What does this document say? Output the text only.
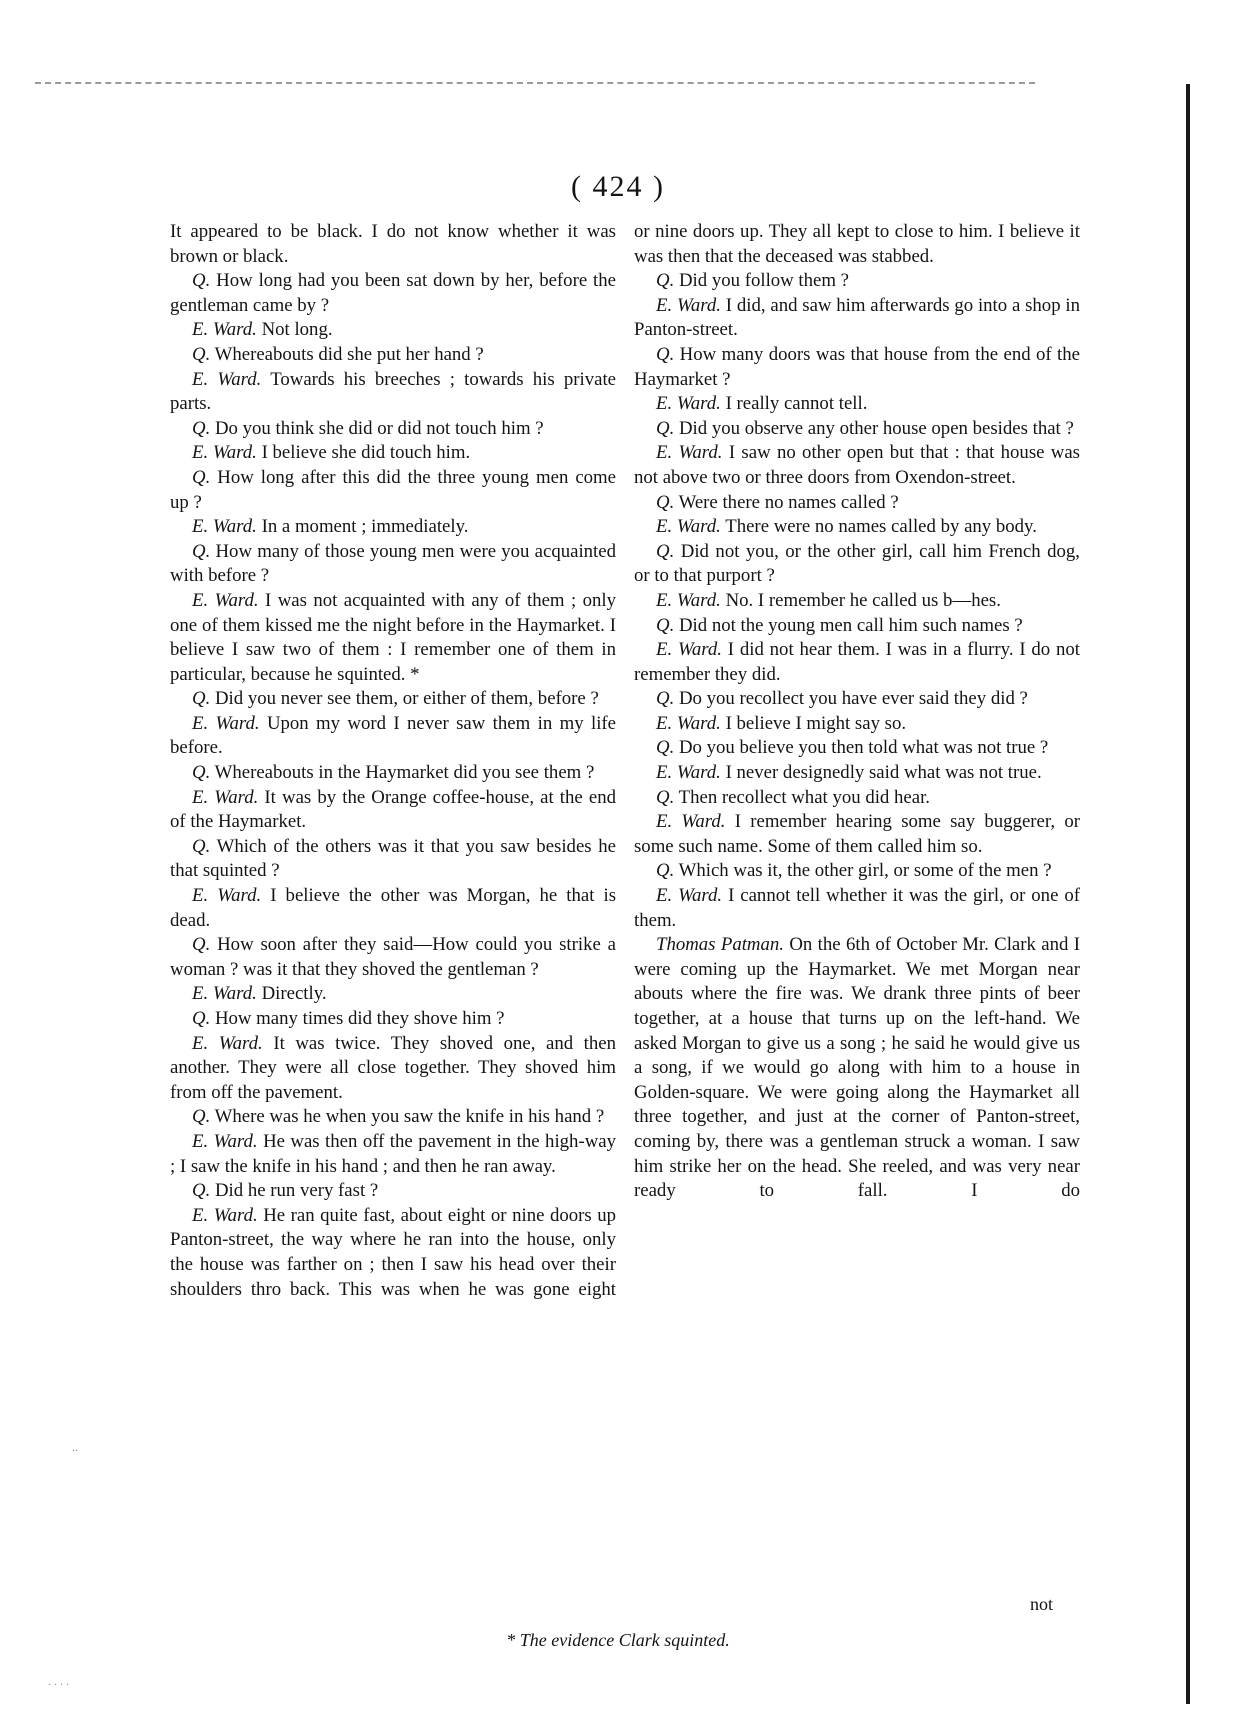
( 424 )

It appeared to be black. I do not know whether it was brown or black.

Q. How long had you been sat down by her, before the gentleman came by ?

E. Ward. Not long.

Q. Whereabouts did she put her hand ?

E. Ward. Towards his breeches ; towards his private parts.

Q. Do you think she did or did not touch him ?

E. Ward. I believe she did touch him.

Q. How long after this did the three young men come up ?

E. Ward. In a moment ; immediately.

Q. How many of those young men were you acquainted with before ?

E. Ward. I was not acquainted with any of them ; only one of them kissed me the night before in the Haymarket. I believe I saw two of them : I remember one of them in particular, because he squinted. *

Q. Did you never see them, or either of them, before ?

E. Ward. Upon my word I never saw them in my life before.

Q. Whereabouts in the Haymarket did you see them ?

E. Ward. It was by the Orange coffee-house, at the end of the Haymarket.

Q. Which of the others was it that you saw besides he that squinted ?

E. Ward. I believe the other was Morgan, he that is dead.

Q. How soon after they said—How could you strike a woman ? was it that they shoved the gentleman ?

E. Ward. Directly.

Q. How many times did they shove him ?

E. Ward. It was twice. They shoved one, and then another. They were all close together. They shoved him from off the pavement.

Q. Where was he when you saw the knife in his hand ?

E. Ward. He was then off the pavement in the high-way ; I saw the knife in his hand ; and then he ran away.

Q. Did he run very fast ?

E. Ward. He ran quite fast, about eight or nine doors up Panton-street, the way where he ran into the house, only the house was farther on ; then I saw his head over their shoulders thro back. This was when he was gone eight

or nine doors up. They all kept to close to him. I believe it was then that the deceased was stabbed.

Q. Did you follow them ?

E. Ward. I did, and saw him afterwards go into a shop in Panton-street.

Q. How many doors was that house from the end of the Haymarket ?

E. Ward. I really cannot tell.

Q. Did you observe any other house open besides that ?

E. Ward. I saw no other open but that : that house was not above two or three doors from Oxendon-street.

Q. Were there no names called ?

E. Ward. There were no names called by any body.

Q. Did not you, or the other girl, call him French dog, or to that purport ?

E. Ward. No. I remember he called us b—hes.

Q. Did not the young men call him such names ?

E. Ward. I did not hear them. I was in a flurry. I do not remember they did.

Q. Do you recollect you have ever said they did ?

E. Ward. I believe I might say so.

Q. Do you believe you then told what was not true ?

E. Ward. I never designedly said what was not true.

Q. Then recollect what you did hear.

E. Ward. I remember hearing some say buggerer, or some such name. Some of them called him so.

Q. Which was it, the other girl, or some of the men ?

E. Ward. I cannot tell whether it was the girl, or one of them.

Thomas Patman. On the 6th of October Mr. Clark and I were coming up the Haymarket. We met Morgan near abouts where the fire was. We drank three pints of beer together, at a house that turns up on the left-hand. We asked Morgan to give us a song ; he said he would give us a song, if we would go along with him to a house in Golden-square. We were going along the Haymarket all three together, and just at the corner of Panton-street, coming by, there was a gentleman struck a woman. I saw him strike her on the head. She reeled, and was very near ready to fall. I do

not
* The evidence Clark squinted.
..
. . . .
